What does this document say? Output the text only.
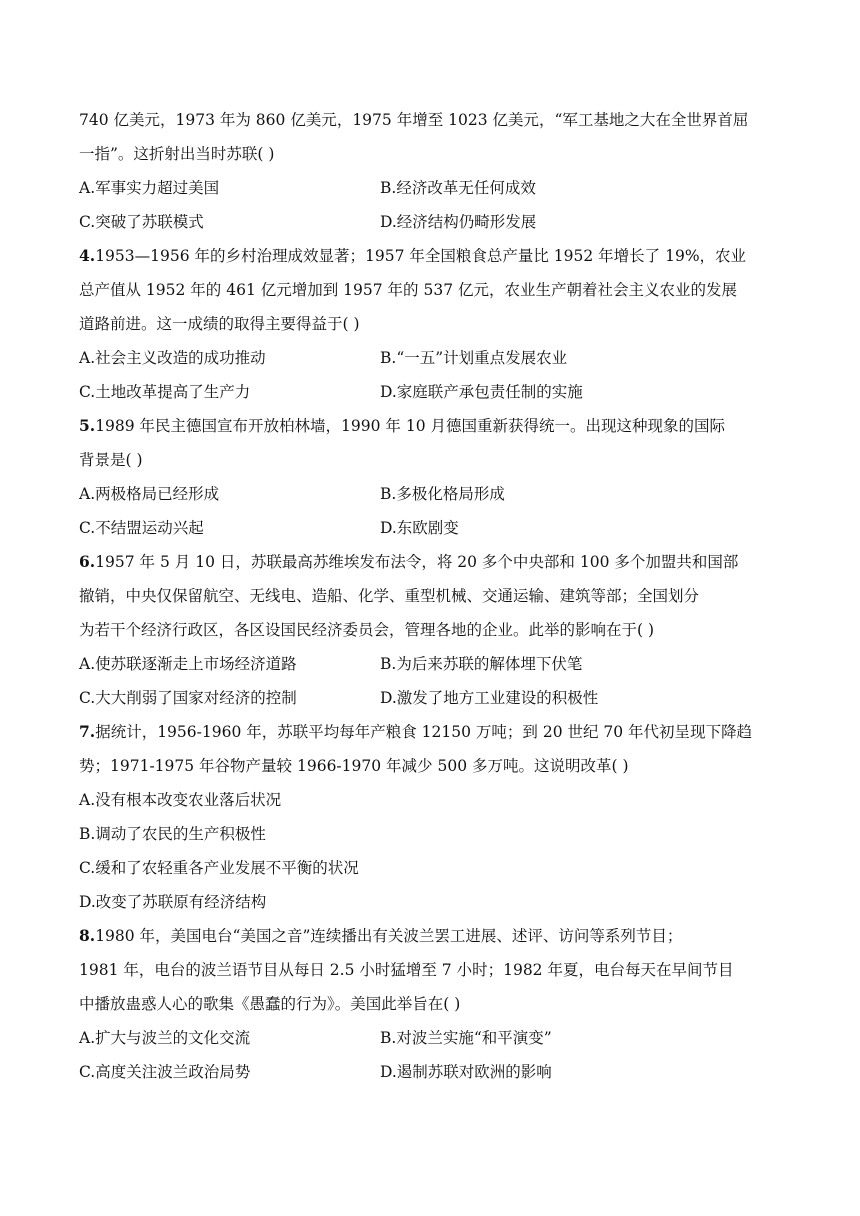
740 亿美元，1973 年为 860 亿美元，1975 年增至 1023 亿美元，“军工基地之大在全世界首屈
一指”。这折射出当时苏联( )
A.军事实力超过美国	B.经济改革无任何成效
C.突破了苏联模式	D.经济结构仍畸形发展
4.1953—1956 年的乡村治理成效显著；1957 年全国粮食总产量比 1952 年增长了 19%，农业
总产值从 1952 年的 461 亿元增加到 1957 年的 537 亿元，农业生产朝着社会主义农业的发展
道路前进。这一成绩的取得主要得益于( )
A.社会主义改造的成功推动	B.“一五”计划重点发展农业
C.土地改革提高了生产力	D.家庭联产承包责任制的实施
5.1989 年民主德国宣布开放柏林墙，1990 年 10 月德国重新获得统一。出现这种现象的国际
背景是( )
A.两极格局已经形成	B.多极化格局形成
C.不结盟运动兴起	D.东欧剧变
6.1957 年 5 月 10 日，苏联最高苏维埃发布法令，将 20 多个中央部和 100 多个加盟共和国部
撤销，中央仅保留航空、无线电、造船、化学、重型机械、交通运输、建筑等部；全国划分
为若干个经济行政区，各区设国民经济委员会，管理各地的企业。此举的影响在于( )
A.使苏联逐渐走上市场经济道路	B.为后来苏联的解体埋下伏笔
C.大大削弱了国家对经济的控制	D.激发了地方工业建设的积极性
7.据统计，1956-1960 年，苏联平均每年产粮食 12150 万吨；到 20 世纪 70 年代初呈现下降趋
势；1971-1975 年谷物产量较 1966-1970 年减少 500 多万吨。这说明改革( )
A.没有根本改变农业落后状况
B.调动了农民的生产积极性
C.缓和了农轻重各产业发展不平衡的状况
D.改变了苏联原有经济结构
8.1980 年，美国电台“美国之音”连续播出有关波兰罢工进展、述评、访问等系列节目；
1981 年，电台的波兰语节目从每日 2.5 小时猛增至 7 小时；1982 年夏，电台每天在早间节目
中播放蛊惑人心的歌集《愚蠢的行为》。美国此举旨在( )
A.扩大与波兰的文化交流	B.对波兰实施“和平演变”
C.高度关注波兰政治局势	D.遏制苏联对欧洲的影响
